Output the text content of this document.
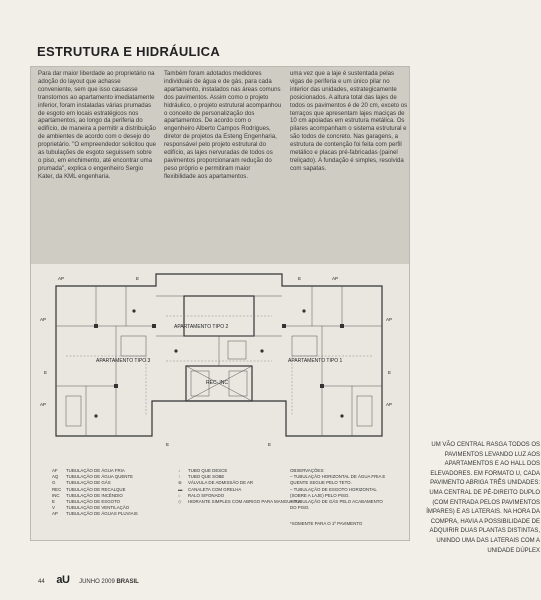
ESTRUTURA E HIDRÁULICA

Para dar maior liberdade ao proprietário na adoção do layout que achasse conveniente, sem que isso causasse transtornos ao apartamento imediatamente inferior, foram instaladas várias prumadas de esgoto em locais estratégicos nos apartamentos, ao longo da periferia do edifício, de maneira a permitir a distribuição de ambientes de acordo com o desejo do proprietário. "O empreendedor solicitou que as tubulações de esgoto seguissem sobre o piso, em enchimento, até encontrar uma prumada", explica o engenheiro Sergio Kater, da KML engenharia.

Também foram adotados medidores individuais de água e de gás, para cada apartamento, instalados nas áreas comuns dos pavimentos. Assim como o projeto hidráulico, o projeto estrutural acompanhou o conceito de personalização dos apartamentos. De acordo com o engenheiro Alberto Campos Rodrigues, diretor de projetos da Esteng Engenharia, responsável pelo projeto estrutural do edifício, as lajes nervuradas de todos os pavimentos proporcionaram redução do peso próprio e permitiram maior flexibilidade aos apartamentos.

uma vez que a laje é sustentada pelas vigas de periferia e um único pilar no interior das unidades, estrategicamente posicionados. A altura total das lajes de todos os pavimentos é de 20 cm, exceto os terraços que apresentam lajes maciças de 10 cm apoiadas em estrutura metálica. Os pilares acompanham o sistema estrutural e são todos de concreto. Nas garagens, a estrutura de contenção foi feita com perfil metálico e placas pré-fabricadas (painel treliçado). A fundação é simples, resolvida com sapatas.

APARTAMENTO TIPO 2
APARTAMENTO TIPO 3	APARTAMENTO TIPO 1
REC. INC
AP	AP
AP	AP
AP	AP
E	E
E	E
E	E
AF TUBULAÇÃO DE ÁGUA FRIA
AQ TUBULAÇÃO DE ÁGUA QUENTE
G TUBULAÇÃO DE GÁS
REC TUBULAÇÃO DE RECALQUE
INC TUBULAÇÃO DE INCÊNDIO
E	TUBULAÇÃO DE ESGOTO
V	TUBULAÇÃO DE VENTILAÇÃO
AP TUBULAÇÃO DE ÁGUAS PLUVIAIS
↓ TUBO QUE DESCE
↑ TUBO QUE SOBE
⊗ VÁLVULA DE ADMISSÃO DE AR
▬ CANALETA COM GRELHA
○ RALO SIFONADO
◇ HIDRANTE SIMPLES COM ABRIGO PARA MANGUEIRA
OBSERVAÇÕES:
– TUBULAÇÃO HORIZONTAL DE ÁGUA FRIA E QUENTE SEGUE PELO TETO.
– TUBULAÇÃO DE ESGOTO HORIZONTAL (SOBRE A LAJE) PELO PISO.
– TUBULAÇÃO DE GÁS PELO ACABAMENTO DO PISO.
*SOMENTE PARA O 1º PAVIMENTO

UM VÃO CENTRAL RASGA TODOS OS PAVIMENTOS LEVANDO LUZ AOS APARTAMENTOS E AO HALL DOS ELEVADORES. EM FORMATO U, CADA PAVIMENTO ABRIGA TRÊS UNIDADES: UMA CENTRAL DE PÉ-DIREITO DUPLO (COM ENTRADA PELOS PAVIMENTOS ÍMPARES) E AS LATERAIS. NA HORA DA COMPRA, HAVIA A POSSIBILIDADE DE ADQUIRIR DUAS PLANTAS DISTINTAS, UNINDO UMA DAS LATERAIS COM A UNIDADE DÚPLEX

44 aU JUNHO 2009 BRASIL
